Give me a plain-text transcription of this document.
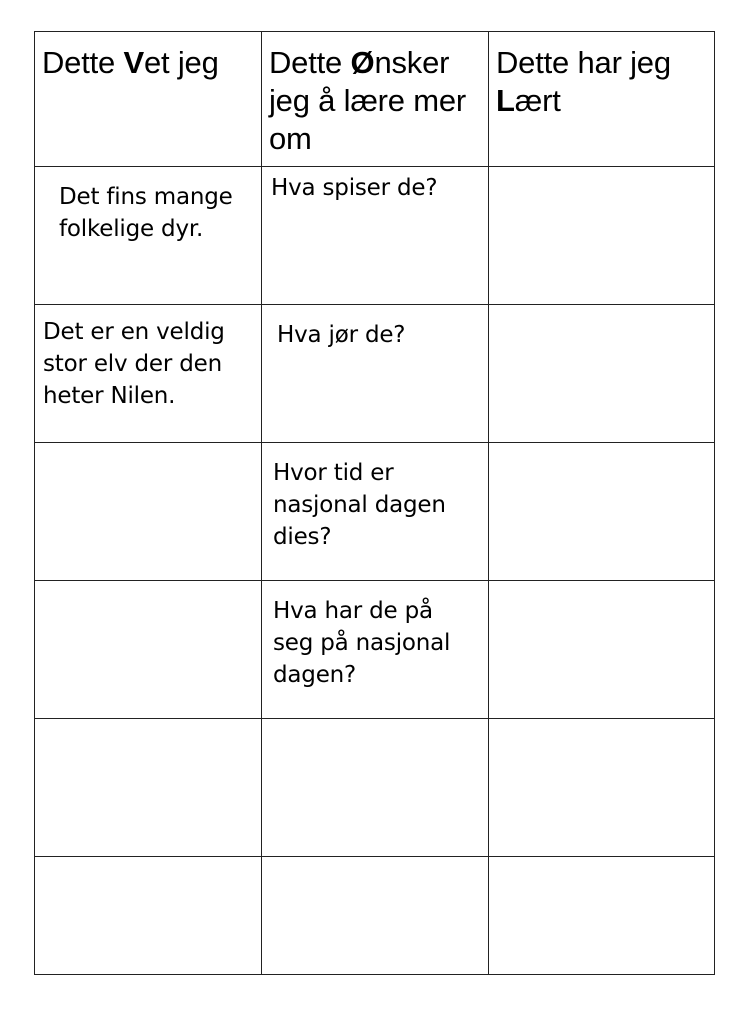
Dette Vet jeg	Dette Ønsker jeg å lære mer om	Dette har jeg Lært

Det fins mange folkelige dyr.	Hva spiser de?	

Det er en veldig stor elv der den heter Nilen.	Hva jør de?	

	Hvor tid er nasjonal dagen dies?	

	Hva har de på seg på nasjonal dagen?	
